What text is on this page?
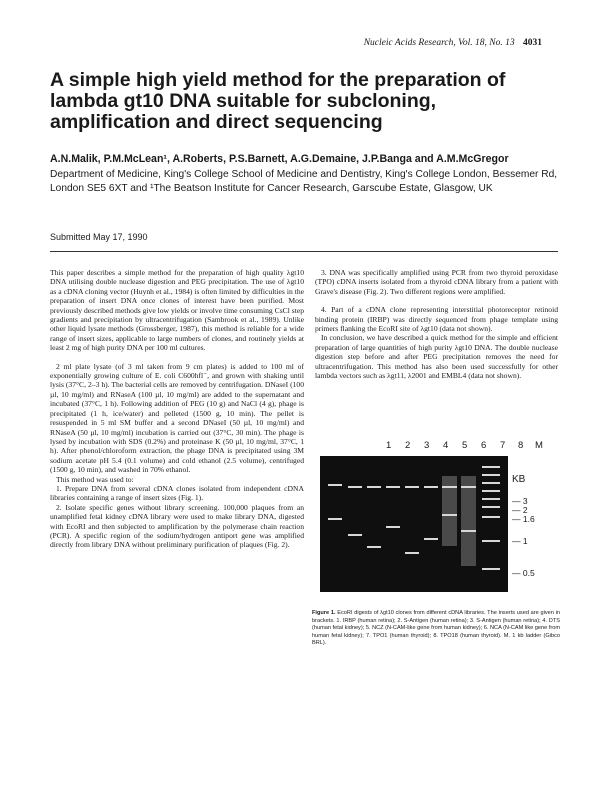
Nucleic Acids Research, Vol. 18, No. 13 4031
A simple high yield method for the preparation of lambda gt10 DNA suitable for subcloning, amplification and direct sequencing

A.N.Malik, P.M.McLean¹, A.Roberts, P.S.Barnett, A.G.Demaine, J.P.Banga and A.M.McGregor

Department of Medicine, King's College School of Medicine and Dentistry, King's College London, Bessemer Rd, London SE5 6XT and ¹The Beatson Institute for Cancer Research, Garscube Estate, Glasgow, UK

Submitted May 17, 1990

This paper describes a simple method for the preparation of high quality λgt10 DNA utilising double nuclease digestion and PEG precipitation. The use of λgt10 as a cDNA cloning vector (Huynh et al., 1984) is often limited by difficulties in the preparation of insert DNA once clones of interest have been purified. Most previously described methods give low yields or involve time consuming CsCl step gradients and precipitation by ultracentrifugation (Sambrook et al., 1989). Unlike other liquid lysate methods (Grossberger, 1987), this method is reliable for a wide range of insert sizes, applicable to large numbers of clones, and routinely yields at least 2 mg of high purity DNA per 100 ml cultures.

2 ml plate lysate (of 3 ml taken from 9 cm plates) is added to 100 ml of exponentially growing culture of E. coli C600hfl⁻, and grown with shaking until lysis (37°C, 2–3 h). The bacterial cells are removed by centrifugation. DNaseI (100 µl, 10 mg/ml) and RNaseA (100 µl, 10 mg/ml) are added to the supernatant and incubated (37°C, 1 h). Following addition of PEG (10 g) and NaCl (4 g), phage is precipitated (1 h, ice/water) and pelleted (1500 g, 10 min). The pellet is resuspended in 5 ml SM buffer and a second DNaseI (50 µl, 10 mg/ml) and RNaseA (50 µl, 10 mg/ml) incubation is carried out (37°C, 30 min). The phage is lysed by incubation with SDS (0.2%) and proteinase K (50 µl, 10 mg/ml, 37°C, 1 h). After phenol/chloroform extraction, the phage DNA is precipitated using 3M sodium acetate pH 5.4 (0.1 volume) and cold ethanol (2.5 volume), centrifuged (1500 g, 10 min), and washed in 70% ethanol.

This method was used to:

1. Prepare DNA from several cDNA clones isolated from independent cDNA libraries containing a range of insert sizes (Fig. 1).

2. Isolate specific genes without library screening. 100,000 plaques from an unamplified fetal kidney cDNA library were used to make library DNA, digested with EcoRI and then subjected to amplification by the polymerase chain reaction (PCR). A specific region of the sodium/hydrogen antiport gene was amplified directly from library DNA without preliminary purification of plaques (Fig. 2).

3. DNA was specifically amplified using PCR from two thyroid peroxidase (TPO) cDNA inserts isolated from a thyroid cDNA library from a patient with Grave's disease (Fig. 2). Two different regions were amplified.

4. Part of a cDNA clone representing interstitial photoreceptor retinoid binding protein (IRBP) was directly sequenced from phage template using primers flanking the EcoRI site of λgt10 (data not shown).

In conclusion, we have described a quick method for the simple and efficient preparation of large quantities of high purity λgt10 DNA. The double nuclease digestion step before and after PEG precipitation removes the need for ultracentrifugation. This method has also been used successfully for other lambda vectors such as λgt11, λ2001 and EMBL4 (data not shown).

1 2 3 4 5 6 7 8 M
KB
— 3
— 2
— 1.6
— 1
— 0.5

Figure 1. EcoRI digests of λgt10 clones from different cDNA libraries. The inserts used are given in brackets. 1. IRBP (human retina); 2. S-Antigen (human retina); 3. S-Antigen (human retina); 4. DTS (human fetal kidney); 5. NCZ (N-CAM-like gene from human kidney); 6. NCA (N-CAM like gene from human fetal kidney); 7. TPO1 (human thyroid); 8. TPO18 (human thyroid). M. 1 kb ladder (Gibco BRL).
